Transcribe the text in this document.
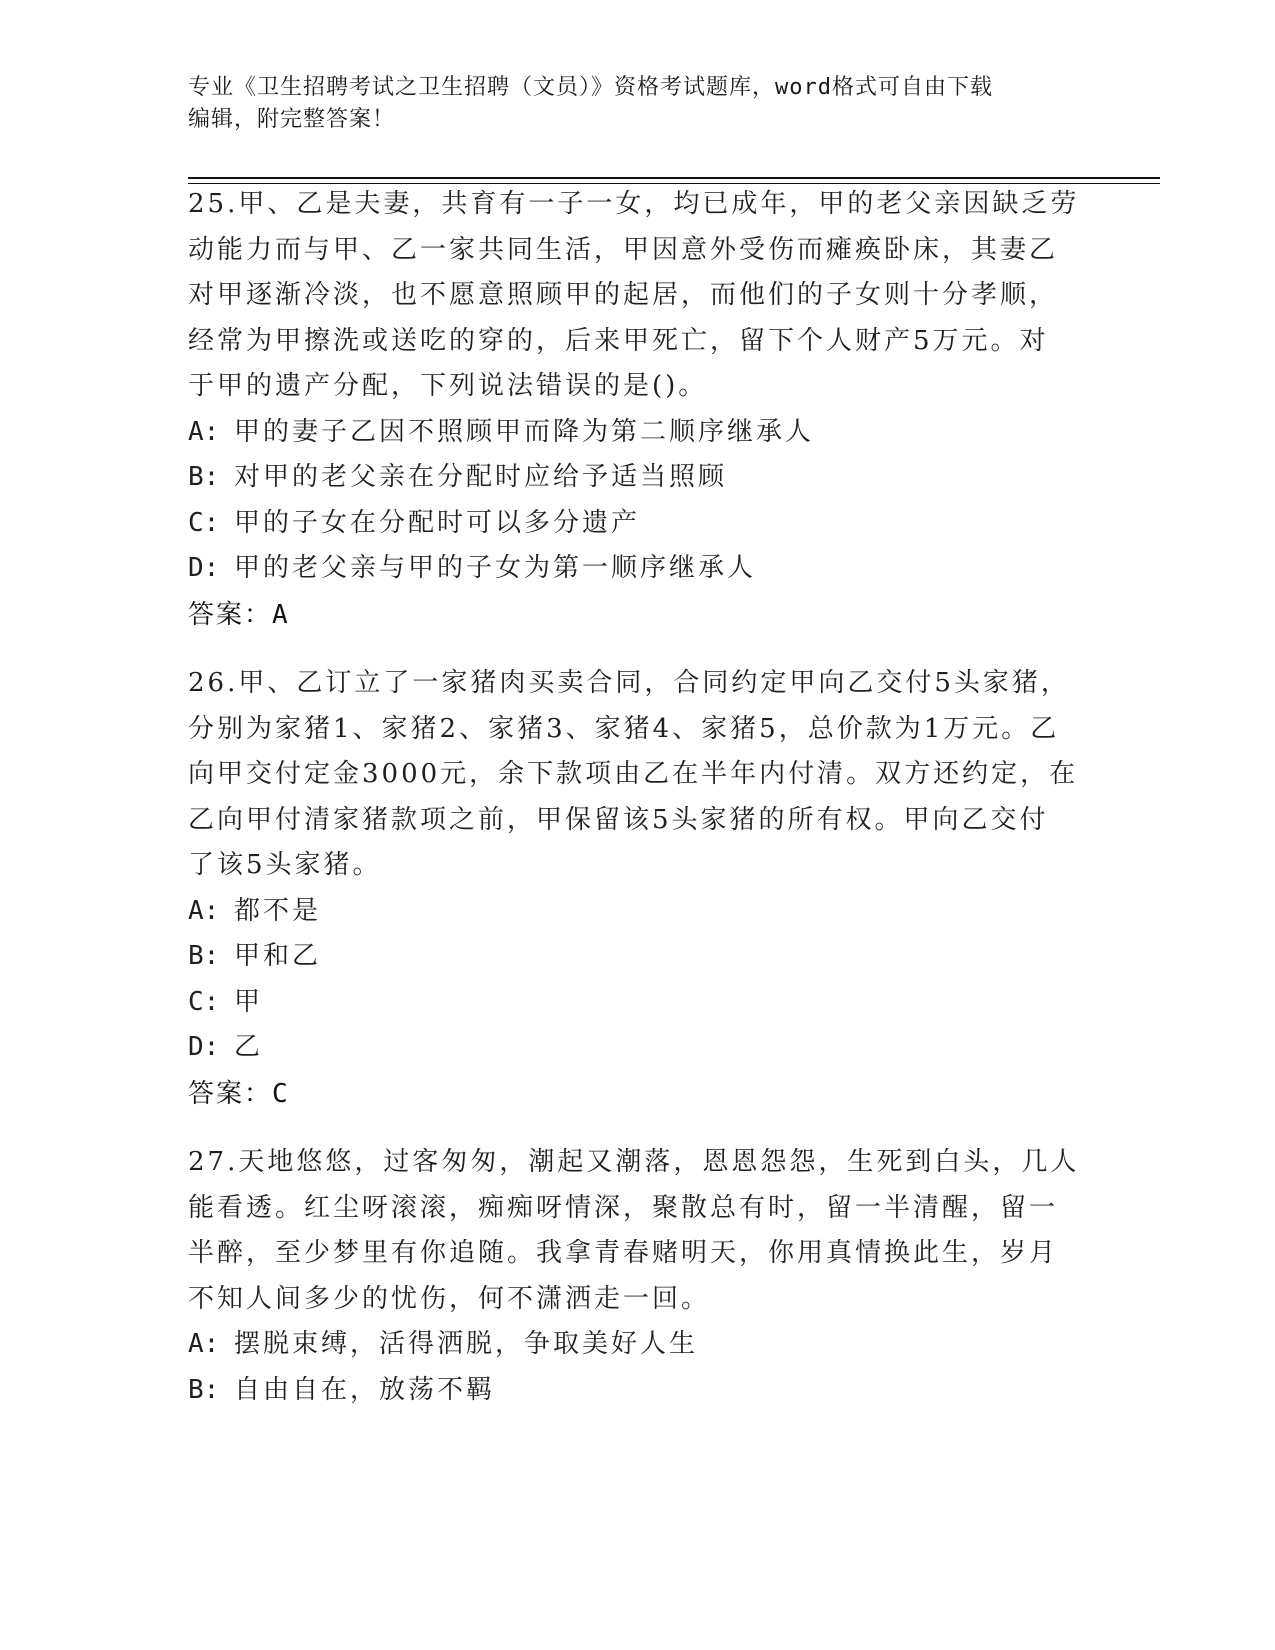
专业《卫生招聘考试之卫生招聘（文员）》资格考试题库，word格式可自由下载
编辑，附完整答案！
25.甲、乙是夫妻，共育有一子一女，均已成年，甲的老父亲因缺乏劳
动能力而与甲、乙一家共同生活，甲因意外受伤而瘫痪卧床，其妻乙
对甲逐渐冷淡，也不愿意照顾甲的起居，而他们的子女则十分孝顺，
经常为甲擦洗或送吃的穿的，后来甲死亡，留下个人财产5万元。对
于甲的遗产分配，下列说法错误的是()。
A: 甲的妻子乙因不照顾甲而降为第二顺序继承人
B: 对甲的老父亲在分配时应给予适当照顾
C: 甲的子女在分配时可以多分遗产
D: 甲的老父亲与甲的子女为第一顺序继承人
答案：A
26.甲、乙订立了一家猪肉买卖合同，合同约定甲向乙交付5头家猪，
分别为家猪1、家猪2、家猪3、家猪4、家猪5，总价款为1万元。乙
向甲交付定金3000元，余下款项由乙在半年内付清。双方还约定，在
乙向甲付清家猪款项之前，甲保留该5头家猪的所有权。甲向乙交付
了该5头家猪。
A: 都不是
B: 甲和乙
C: 甲
D: 乙
答案：C
27.天地悠悠，过客匆匆，潮起又潮落，恩恩怨怨，生死到白头，几人
能看透。红尘呀滚滚，痴痴呀情深，聚散总有时，留一半清醒，留一
半醉，至少梦里有你追随。我拿青春赌明天，你用真情换此生，岁月
不知人间多少的忧伤，何不潇洒走一回。
A: 摆脱束缚，活得洒脱，争取美好人生
B: 自由自在，放荡不羁
